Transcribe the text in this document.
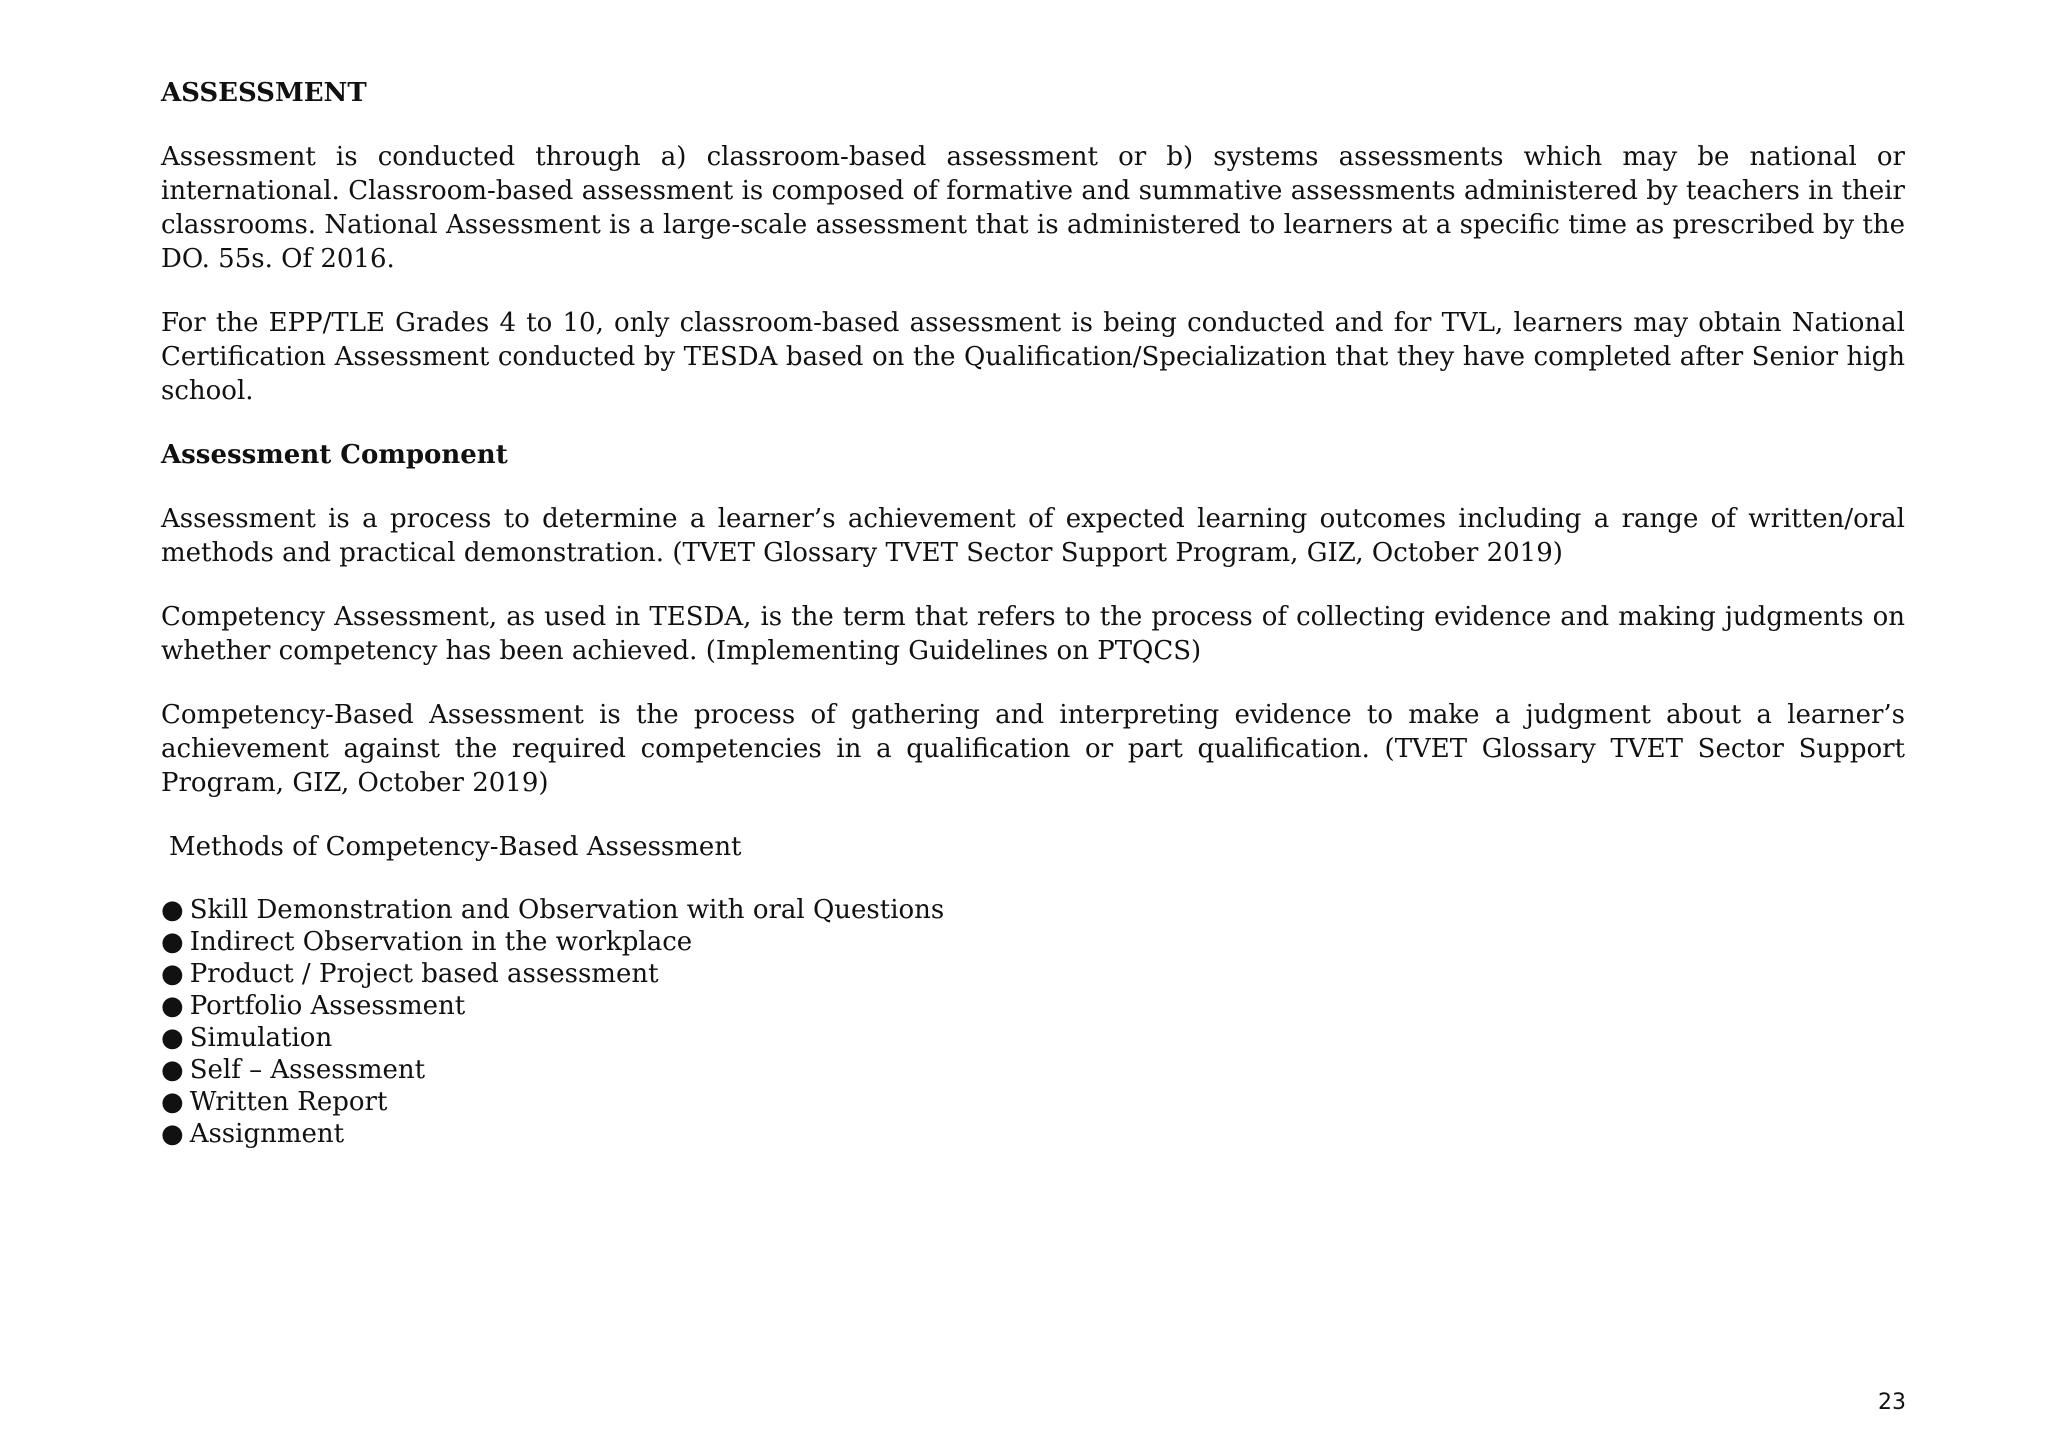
ASSESSMENT

Assessment is conducted through a) classroom-based assessment or b) systems assessments which may be national or international. Classroom-based assessment is composed of formative and summative assessments administered by teachers in their classrooms. National Assessment is a large-scale assessment that is administered to learners at a specific time as prescribed by the DO. 55s. Of 2016.

For the EPP/TLE Grades 4 to 10, only classroom-based assessment is being conducted and for TVL, learners may obtain National Certification Assessment conducted by TESDA based on the Qualification/Specialization that they have completed after Senior high school.

Assessment Component

Assessment is a process to determine a learner’s achievement of expected learning outcomes including a range of written/oral methods and practical demonstration. (TVET Glossary TVET Sector Support Program, GIZ, October 2019)

Competency Assessment, as used in TESDA, is the term that refers to the process of collecting evidence and making judgments on whether competency has been achieved. (Implementing Guidelines on PTQCS)

Competency-Based Assessment is the process of gathering and interpreting evidence to make a judgment about a learner’s achievement against the required competencies in a qualification or part qualification. (TVET Glossary TVET Sector Support Program, GIZ, October 2019)

Methods of Competency-Based Assessment
● Skill Demonstration and Observation with oral Questions
● Indirect Observation in the workplace
● Product / Project based assessment
● Portfolio Assessment
● Simulation
● Self – Assessment
● Written Report
● Assignment
23
